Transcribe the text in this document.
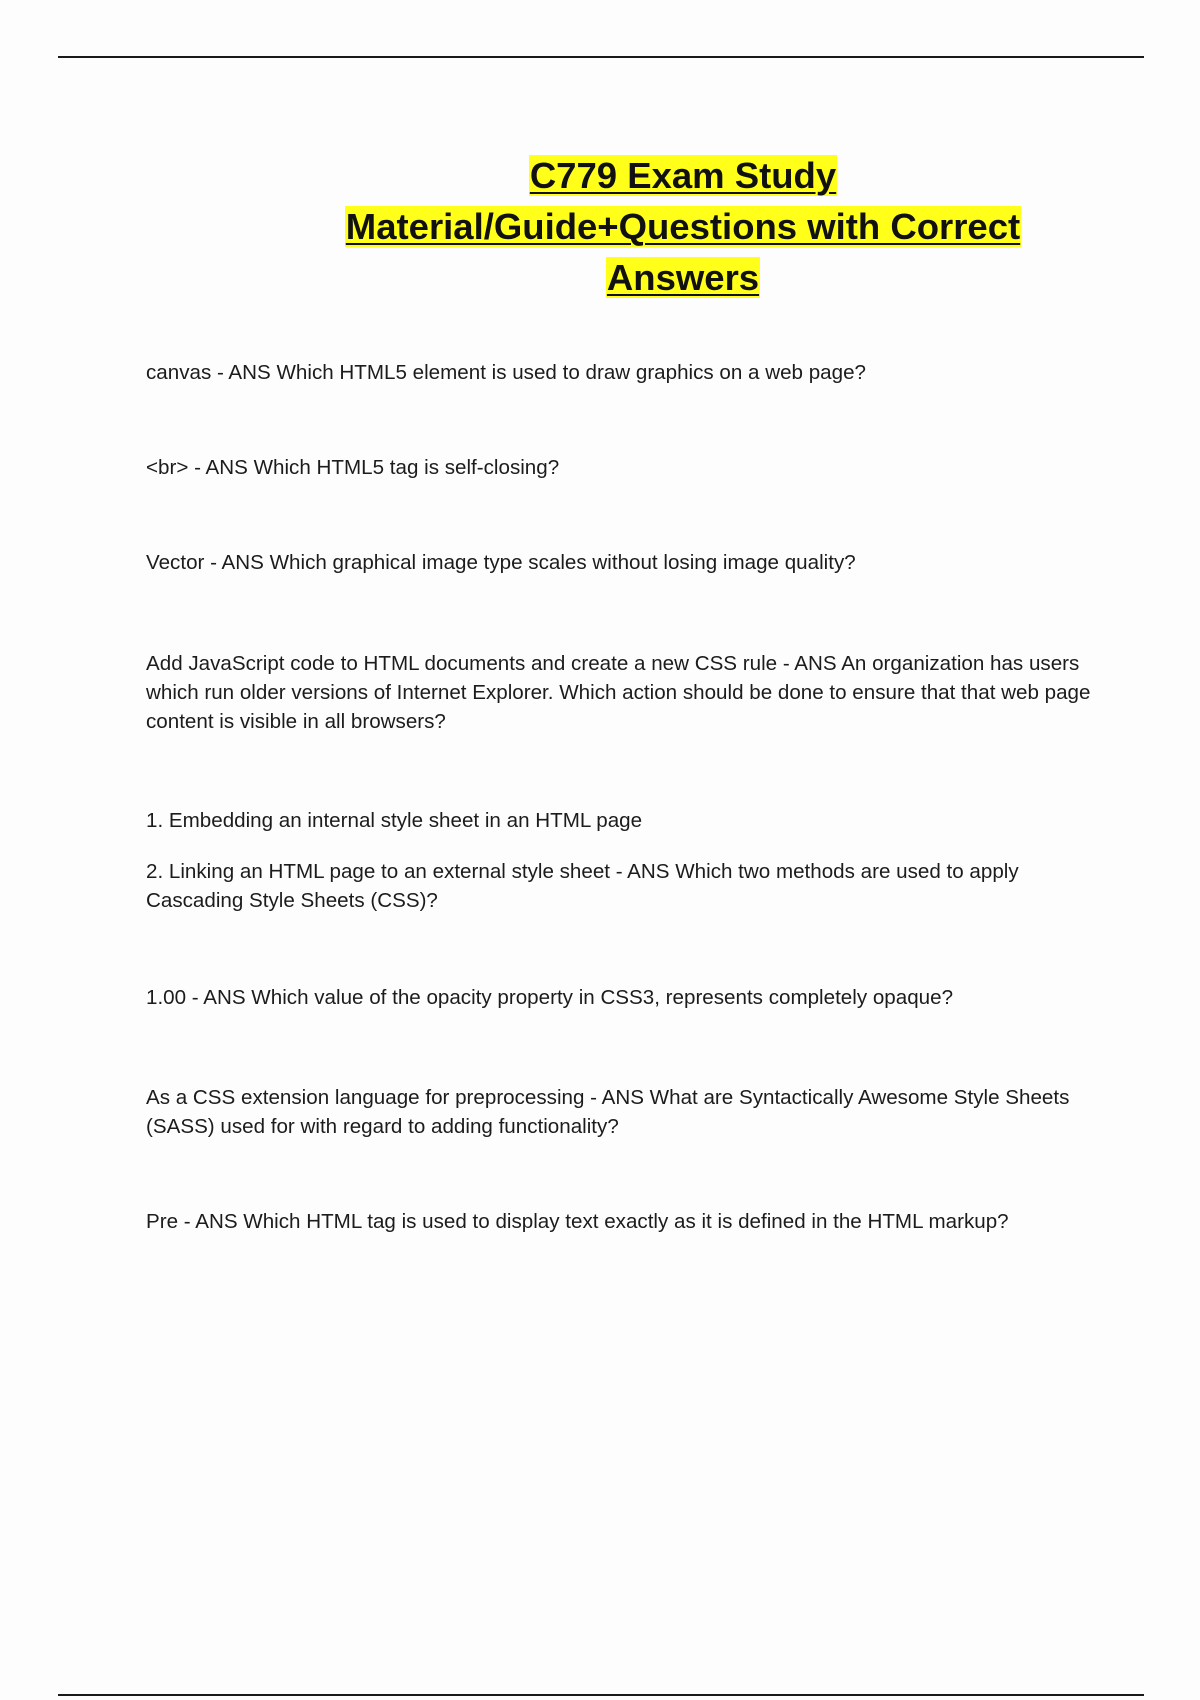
C779 Exam Study
Material/Guide+Questions with Correct
Answers

canvas - ANS Which HTML5 element is used to draw graphics on a web page?

<br> - ANS Which HTML5 tag is self-closing?

Vector - ANS Which graphical image type scales without losing image quality?

Add JavaScript code to HTML documents and create a new CSS rule - ANS An organization has users which run older versions of Internet Explorer. Which action should be done to ensure that that web page content is visible in all browsers?

1. Embedding an internal style sheet in an HTML page

2. Linking an HTML page to an external style sheet - ANS Which two methods are used to apply Cascading Style Sheets (CSS)?

1.00 - ANS Which value of the opacity property in CSS3, represents completely opaque?

As a CSS extension language for preprocessing - ANS What are Syntactically Awesome Style Sheets (SASS) used for with regard to adding functionality?

Pre - ANS Which HTML tag is used to display text exactly as it is defined in the HTML markup?
